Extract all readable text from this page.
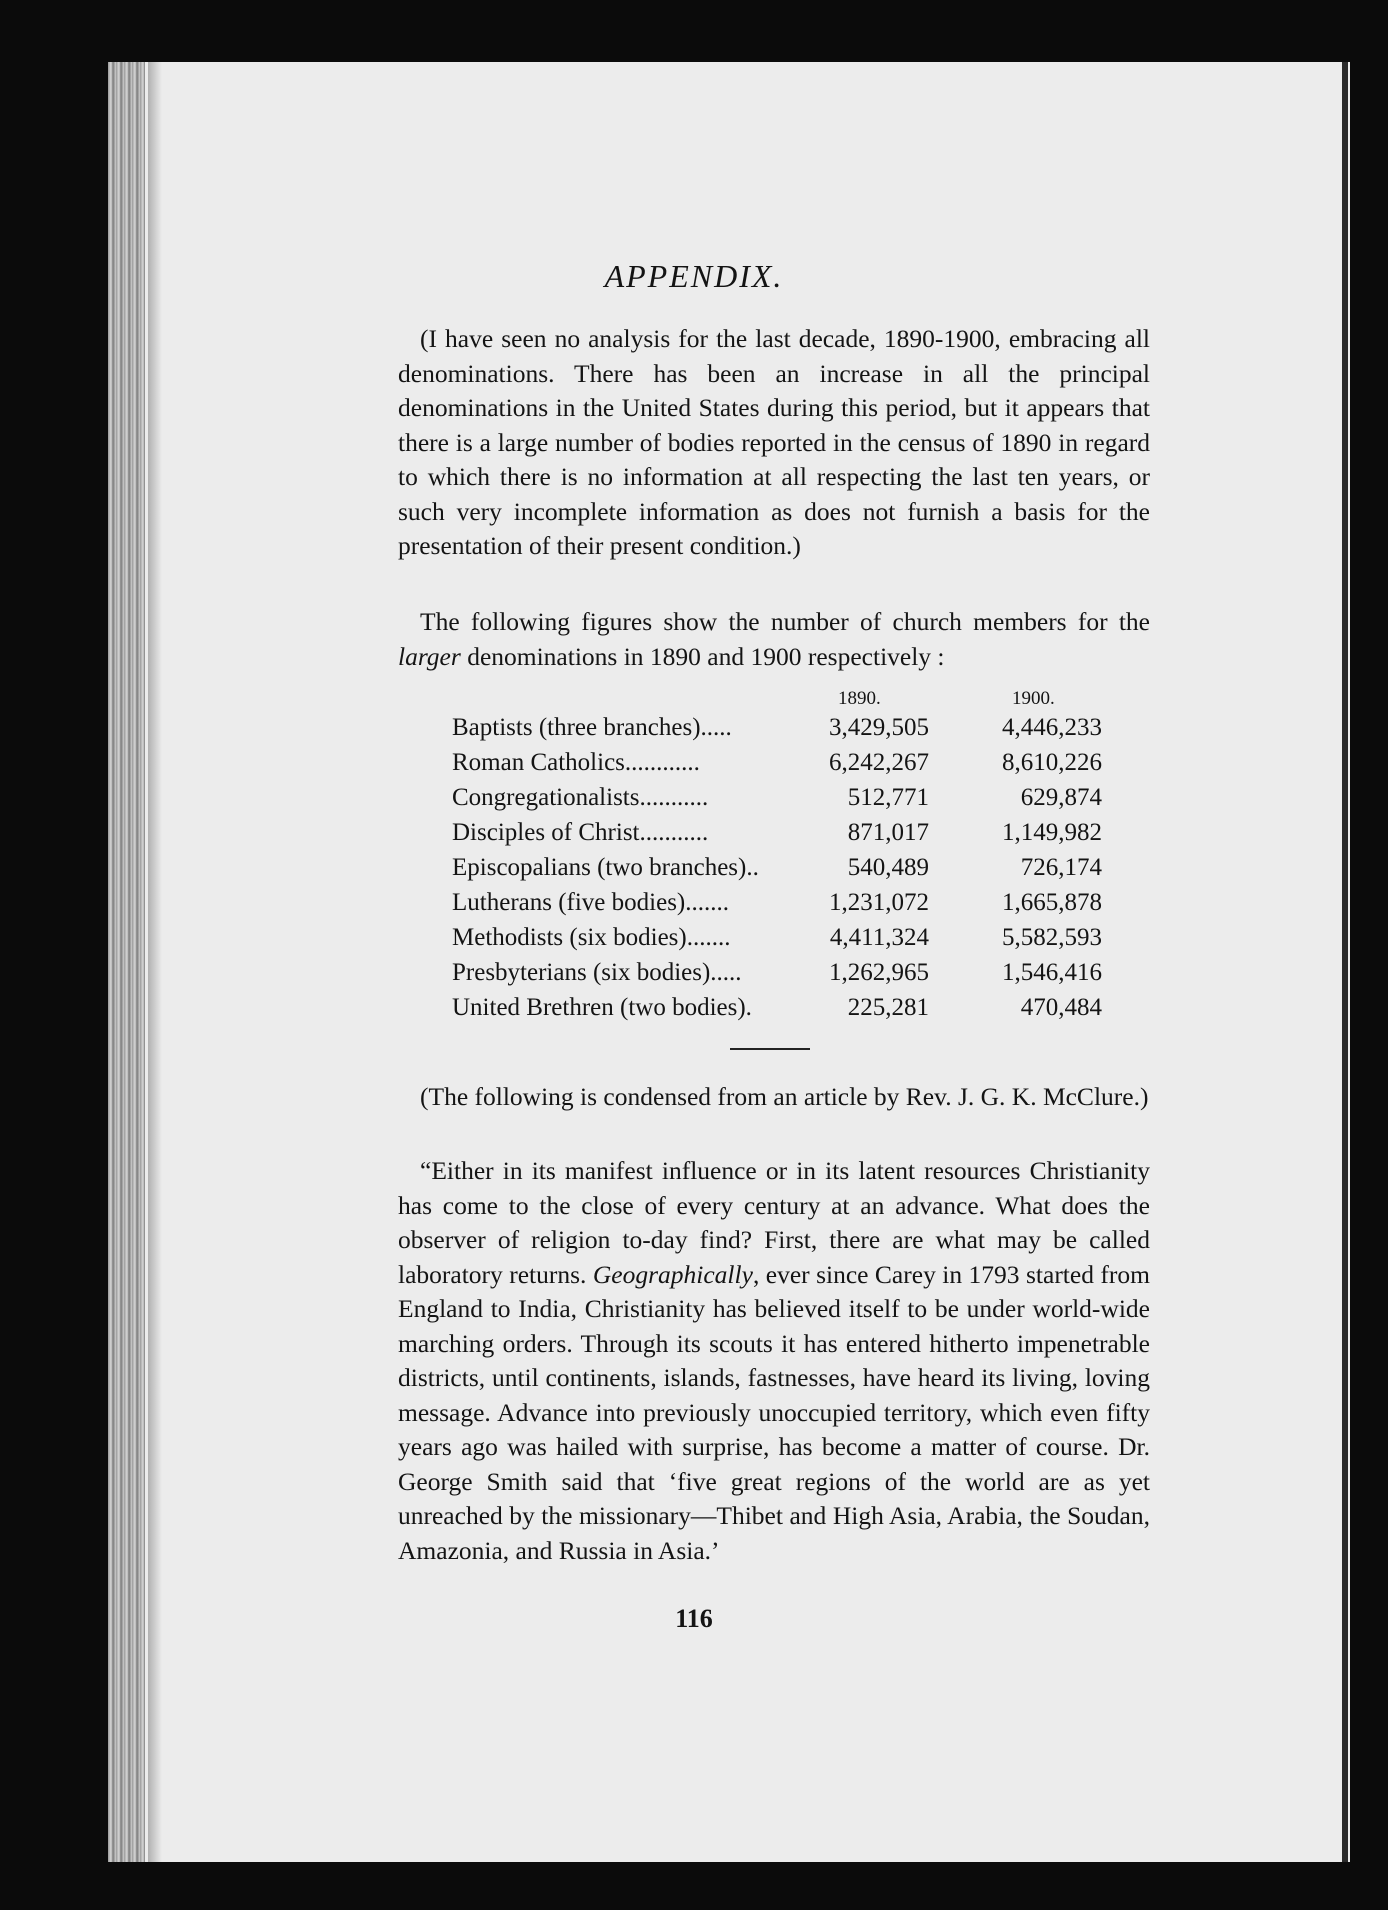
APPENDIX.

(I have seen no analysis for the last decade, 1890-1900, embracing all denominations. There has been an increase in all the principal denominations in the United States during this period, but it appears that there is a large number of bodies reported in the census of 1890 in regard to which there is no information at all respecting the last ten years, or such very incomplete information as does not furnish a basis for the presentation of their present condition.)

The following figures show the number of church members for the larger denominations in 1890 and 1900 respectively :

1890.	1900.
Baptists (three branches).....	3,429,505	4,446,233
Roman Catholics............	6,242,267	8,610,226
Congregationalists...........	512,771	629,874
Disciples of Christ...........	871,017	1,149,982
Episcopalians (two branches)..	540,489	726,174
Lutherans (five bodies).......	1,231,072	1,665,878
Methodists (six bodies).......	4,411,324	5,582,593
Presbyterians (six bodies).....	1,262,965	1,546,416
United Brethren (two bodies).	225,281	470,484

(The following is condensed from an article by Rev. J. G. K. McClure.)

“Either in its manifest influence or in its latent resources Christianity has come to the close of every century at an advance. What does the observer of religion to-day find? First, there are what may be called laboratory returns. Geographically, ever since Carey in 1793 started from England to India, Christianity has believed itself to be under world-wide marching orders. Through its scouts it has entered hitherto impenetrable districts, until continents, islands, fastnesses, have heard its living, loving message. Advance into previously unoccupied territory, which even fifty years ago was hailed with surprise, has become a matter of course. Dr. George Smith said that ‘five great regions of the world are as yet unreached by the missionary—Thibet and High Asia, Arabia, the Soudan, Amazonia, and Russia in Asia.’

116
